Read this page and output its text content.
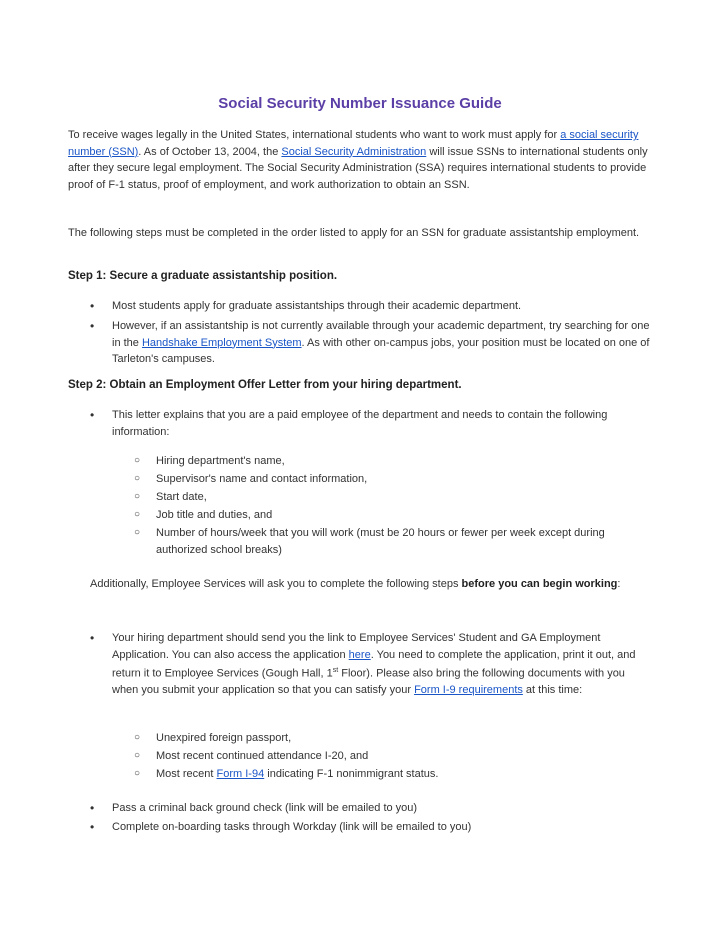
Social Security Number Issuance Guide
To receive wages legally in the United States, international students who want to work must apply for a social security number (SSN). As of October 13, 2004, the Social Security Administration will issue SSNs to international students only after they secure legal employment. The Social Security Administration (SSA) requires international students to provide proof of F-1 status, proof of employment, and work authorization to obtain an SSN.
The following steps must be completed in the order listed to apply for an SSN for graduate assistantship employment.
Step 1: Secure a graduate assistantship position.
• Most students apply for graduate assistantships through their academic department.
• However, if an assistantship is not currently available through your academic department, try searching for one in the Handshake Employment System. As with other on-campus jobs, your position must be located on one of Tarleton's campuses.
Step 2: Obtain an Employment Offer Letter from your hiring department.
• This letter explains that you are a paid employee of the department and needs to contain the following information:
○ Hiring department's name,
○ Supervisor's name and contact information,
○ Start date,
○ Job title and duties, and
○ Number of hours/week that you will work (must be 20 hours or fewer per week except during authorized school breaks)
Additionally, Employee Services will ask you to complete the following steps before you can begin working:
• Your hiring department should send you the link to Employee Services' Student and GA Employment Application. You can also access the application here. You need to complete the application, print it out, and return it to Employee Services (Gough Hall, 1st Floor). Please also bring the following documents with you when you submit your application so that you can satisfy your Form I-9 requirements at this time:
○ Unexpired foreign passport,
○ Most recent continued attendance I-20, and
○ Most recent Form I-94 indicating F-1 nonimmigrant status.
• Pass a criminal back ground check (link will be emailed to you)
• Complete on-boarding tasks through Workday (link will be emailed to you)
